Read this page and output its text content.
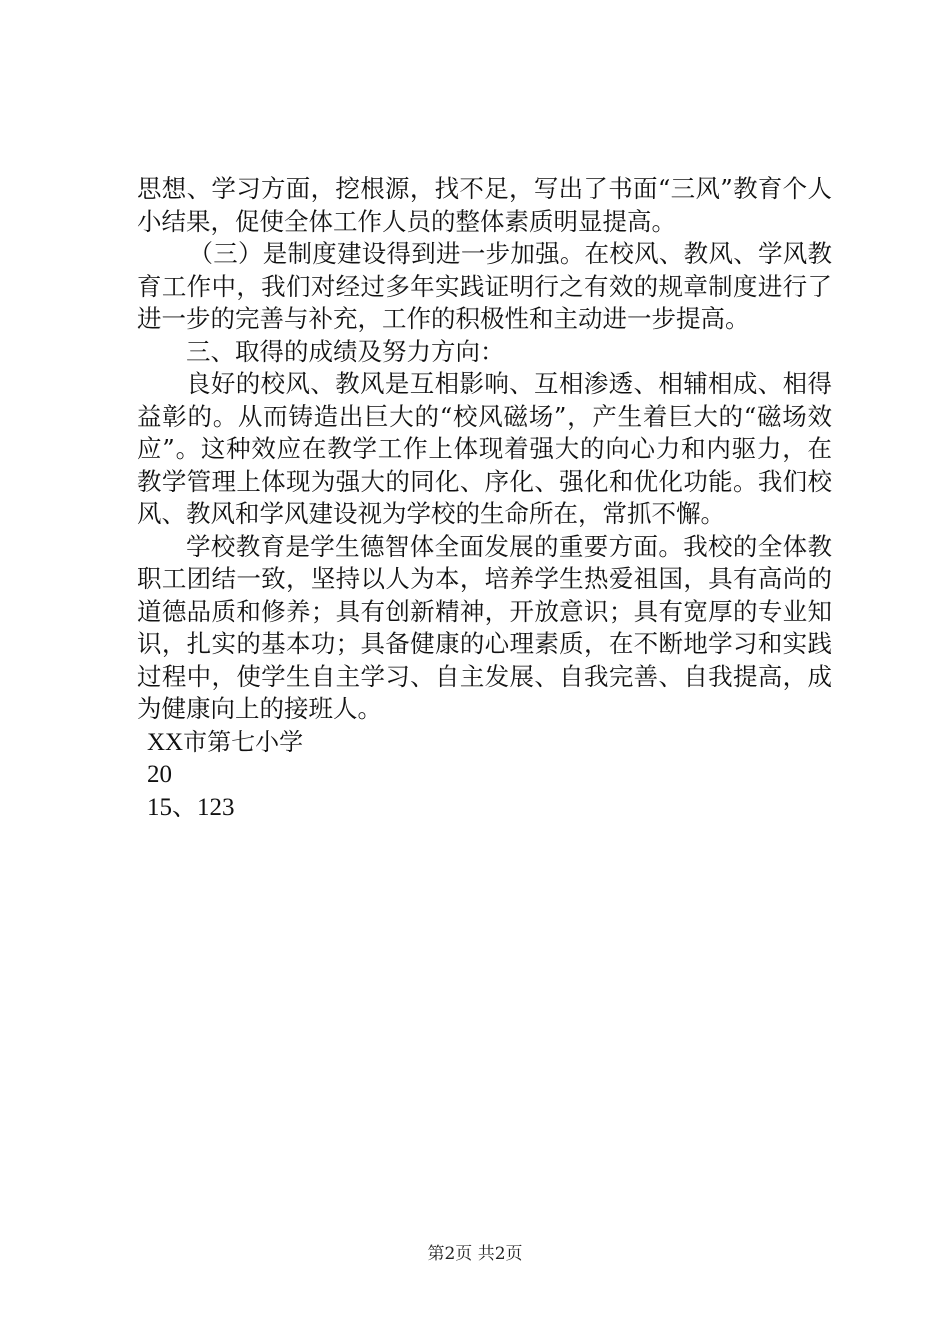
思想、学习方面，挖根源，找不足，写出了书面“三风”教育个人小结果，促使全体工作人员的整体素质明显提高。

（三）是制度建设得到进一步加强。在校风、教风、学风教育工作中，我们对经过多年实践证明行之有效的规章制度进行了进一步的完善与补充，工作的积极性和主动进一步提高。

三、取得的成绩及努力方向：

良好的校风、教风是互相影响、互相渗透、相辅相成、相得益彰的。从而铸造出巨大的“校风磁场”，产生着巨大的“磁场效应”。这种效应在教学工作上体现着强大的向心力和内驱力，在教学管理上体现为强大的同化、序化、强化和优化功能。我们校风、教风和学风建设视为学校的生命所在，常抓不懈。

学校教育是学生德智体全面发展的重要方面。我校的全体教职工团结一致，坚持以人为本，培养学生热爱祖国，具有高尚的道德品质和修养；具有创新精神，开放意识；具有宽厚的专业知识，扎实的基本功；具备健康的心理素质，在不断地学习和实践过程中，使学生自主学习、自主发展、自我完善、自我提高，成为健康向上的接班人。

XX市第七小学

20

15、123

第2页 共2页
